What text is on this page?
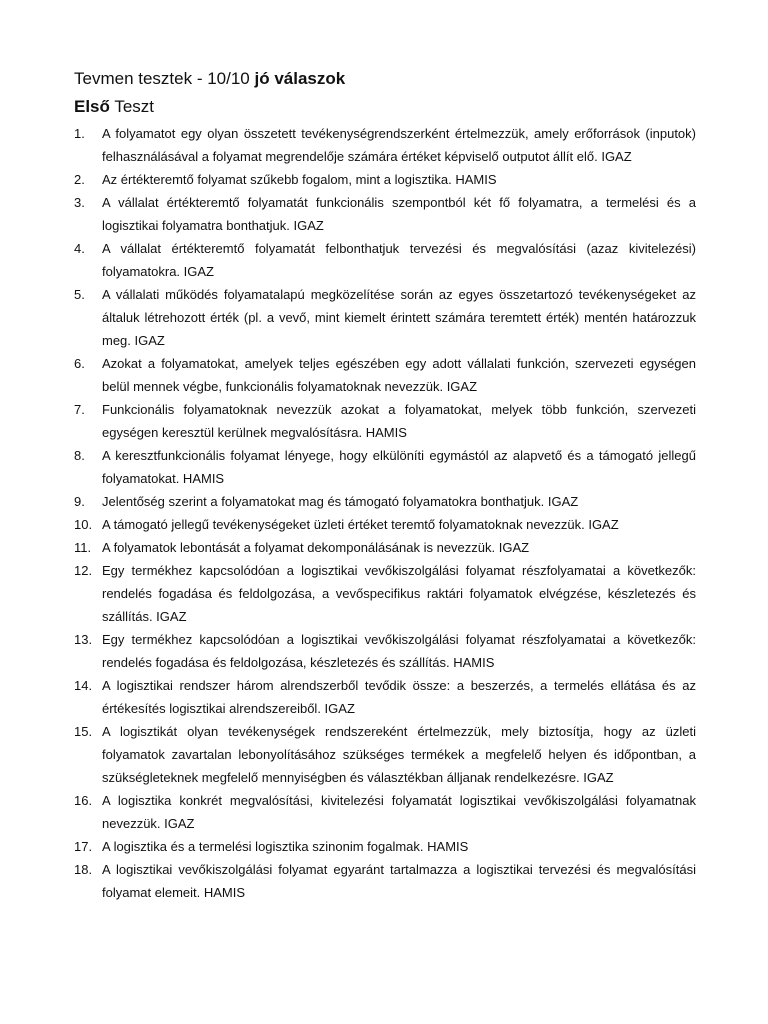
Tevmen tesztek - 10/10 jó válaszok
Első Teszt
1.	A folyamatot egy olyan összetett tevékenységrendszerként értelmezzük, amely erőforrások (inputok) felhasználásával a folyamat megrendelője számára értéket képviselő outputot állít elő. IGAZ
2.	Az értékteremtő folyamat szűkebb fogalom, mint a logisztika. HAMIS
3.	A vállalat értékteremtő folyamatát funkcionális szempontból két fő folyamatra, a termelési és a logisztikai folyamatra bonthatjuk. IGAZ
4.	A vállalat értékteremtő folyamatát felbonthatjuk tervezési és megvalósítási (azaz kivitelezési) folyamatokra. IGAZ
5.	A vállalati működés folyamatalapú megközelítése során az egyes összetartozó tevékenységeket az általuk létrehozott érték (pl. a vevő, mint kiemelt érintett számára teremtett érték) mentén határozzuk meg. IGAZ
6.	Azokat a folyamatokat, amelyek teljes egészében egy adott vállalati funkción, szervezeti egységen belül mennek végbe, funkcionális folyamatoknak nevezzük. IGAZ
7.	Funkcionális folyamatoknak nevezzük azokat a folyamatokat, melyek több funkción, szervezeti egységen keresztül kerülnek megvalósításra. HAMIS
8.	A keresztfunkcionális folyamat lényege, hogy elkülöníti egymástól az alapvető és a támogató jellegű folyamatokat. HAMIS
9.	Jelentőség szerint a folyamatokat mag és támogató folyamatokra bonthatjuk. IGAZ
10. A támogató jellegű tevékenységeket üzleti értéket teremtő folyamatoknak nevezzük. IGAZ
11. A folyamatok lebontását a folyamat dekomponálásának is nevezzük. IGAZ
12. Egy termékhez kapcsolódóan a logisztikai vevőkiszolgálási folyamat részfolyamatai a következők: rendelés fogadása és feldolgozása, a vevőspecifikus raktári folyamatok elvégzése, készletezés és szállítás. IGAZ
13. Egy termékhez kapcsolódóan a logisztikai vevőkiszolgálási folyamat részfolyamatai a következők: rendelés fogadása és feldolgozása, készletezés és szállítás. HAMIS
14. A logisztikai rendszer három alrendszerből tevődik össze: a beszerzés, a termelés ellátása és az értékesítés logisztikai alrendszereiből. IGAZ
15. A logisztikát olyan tevékenységek rendszereként értelmezzük, mely biztosítja, hogy az üzleti folyamatok zavartalan lebonyolításához szükséges termékek a megfelelő helyen és időpontban, a szükségleteknek megfelelő mennyiségben és választékban álljanak rendelkezésre. IGAZ
16. A logisztika konkrét megvalósítási, kivitelezési folyamatát logisztikai vevőkiszolgálási folyamatnak nevezzük. IGAZ
17. A logisztika és a termelési logisztika szinonim fogalmak. HAMIS
18. A logisztikai vevőkiszolgálási folyamat egyaránt tartalmazza a logisztikai tervezési és megvalósítási folyamat elemeit. HAMIS
